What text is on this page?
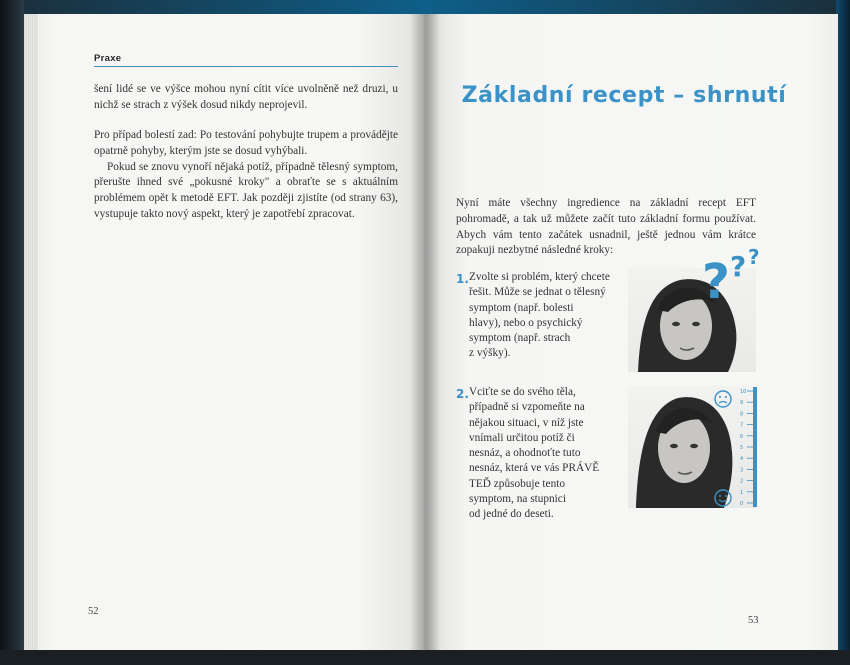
Praxe

šení lidé se ve výšce mohou nyní cítit více uvolněně než druzi, u nichž se strach z výšek dosud nikdy neprojevil.

Pro případ bolestí zad: Po testování pohybujte trupem a provádějte opatrně pohyby, kterým jste se dosud vyhýbali.

Pokud se znovu vynoří nějaká potíž, případně tělesný symptom, přerušte ihned své „pokusné kroky" a obraťte se s aktuálním problémem opět k metodě EFT. Jak později zjistíte (od strany 63), vystupuje takto nový aspekt, který je zapotřebí zpracovat.

52
Základní recept – shrnutí

Nyní máte všechny ingredience na základní recept EFT pohromadě, a tak už můžete začít tuto základní formu používat. Abych vám tento začátek usnadnil, ještě jednou vám krátce zopakuji nezbytné následné kroky:

1. Zvolte si problém, který chcete
řešit. Může se jednat o tělesný
symptom (např. bolesti
hlavy), nebo o psychický
symptom (např. strach
z výšky).
? ? ?
2. Vciťte se do svého těla,
případně si vzpomeňte na
nějakou situaci, v níž jste
vnímali určitou potíž či
nesnáz, a ohodnoťte tuto
nesnáz, která ve vás PRÁVĚ
TEĎ způsobuje tento
symptom, na stupnici
od jedné do deseti.
10
9
8
7
6
5
4
3
2
1
0
53
